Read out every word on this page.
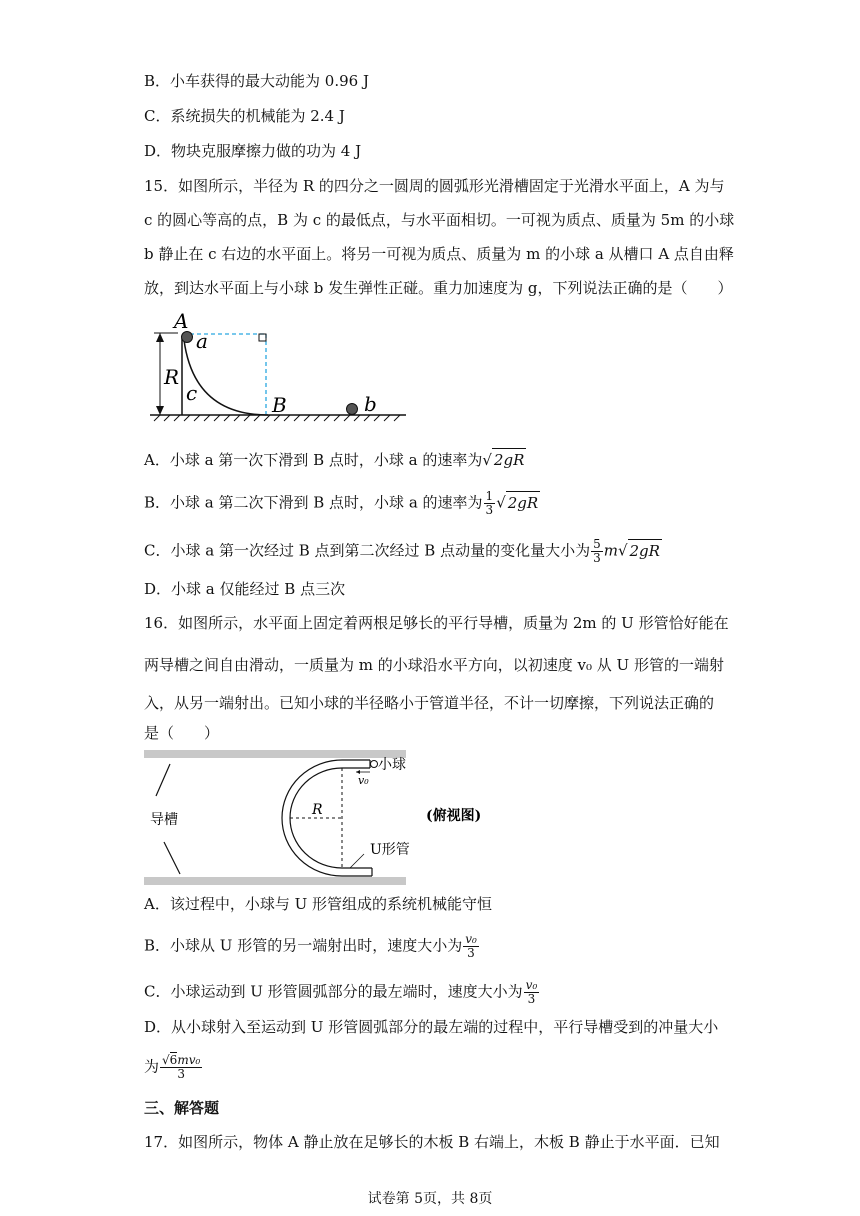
B．小车获得的最大动能为 0.96 J
C．系统损失的机械能为 2.4 J
D．物块克服摩擦力做的功为 4 J
15．如图所示，半径为 R 的四分之一圆周的圆弧形光滑槽固定于光滑水平面上，A 为与
c 的圆心等高的点，B 为 c 的最低点，与水平面相切。一可视为质点、质量为 5m 的小球
b 静止在 c 右边的水平面上。将另一可视为质点、质量为 m 的小球 a 从槽口 A 点自由释
放，到达水平面上与小球 b 发生弹性正碰。重力加速度为 g，下列说法正确的是（　　）
A
a
R
c	B	b
A．小球 a 第一次下滑到 B 点时，小球 a 的速率为√ 2gR
B．小球 a 第二次下滑到 B 点时，小球 a 的速率为 $\frac{1}{3}$ √ 2gR
C．小球 a 第一次经过 B 点到第二次经过 B 点动量的变化量大小为 $\frac{5}{3} m√$ 2gR
D．小球 a 仅能经过 B 点三次
16．如图所示，水平面上固定着两根足够长的平行导槽，质量为 2m 的 U 形管恰好能在
两导槽之间自由滑动，一质量为 m 的小球沿水平方向，以初速度 v₀ 从 U 形管的一端射
入，从另一端射出。已知小球的半径略小于管道半径，不计一切摩擦，下列说法正确的
是（　　）
导槽
小球
v₀
R	(俯视图)
U形管
A．该过程中，小球与 U 形管组成的系统机械能守恒
B．小球从 U 形管的另一端射出时，速度大小为 $\frac{\text{v₀}}{3}$
C．小球运动到 U 形管圆弧部分的最左端时，速度大小为 $\frac{\text{v₀}}{3}$
D．从小球射入至运动到 U 形管圆弧部分的最左端的过程中，平行导槽受到的冲量大小
为 $\frac{\text{√6mv₀}}{3}$
三、解答题
17．如图所示，物体 A 静止放在足够长的木板 B 右端上，木板 B 静止于水平面．已知
试卷第 5页，共 8页
